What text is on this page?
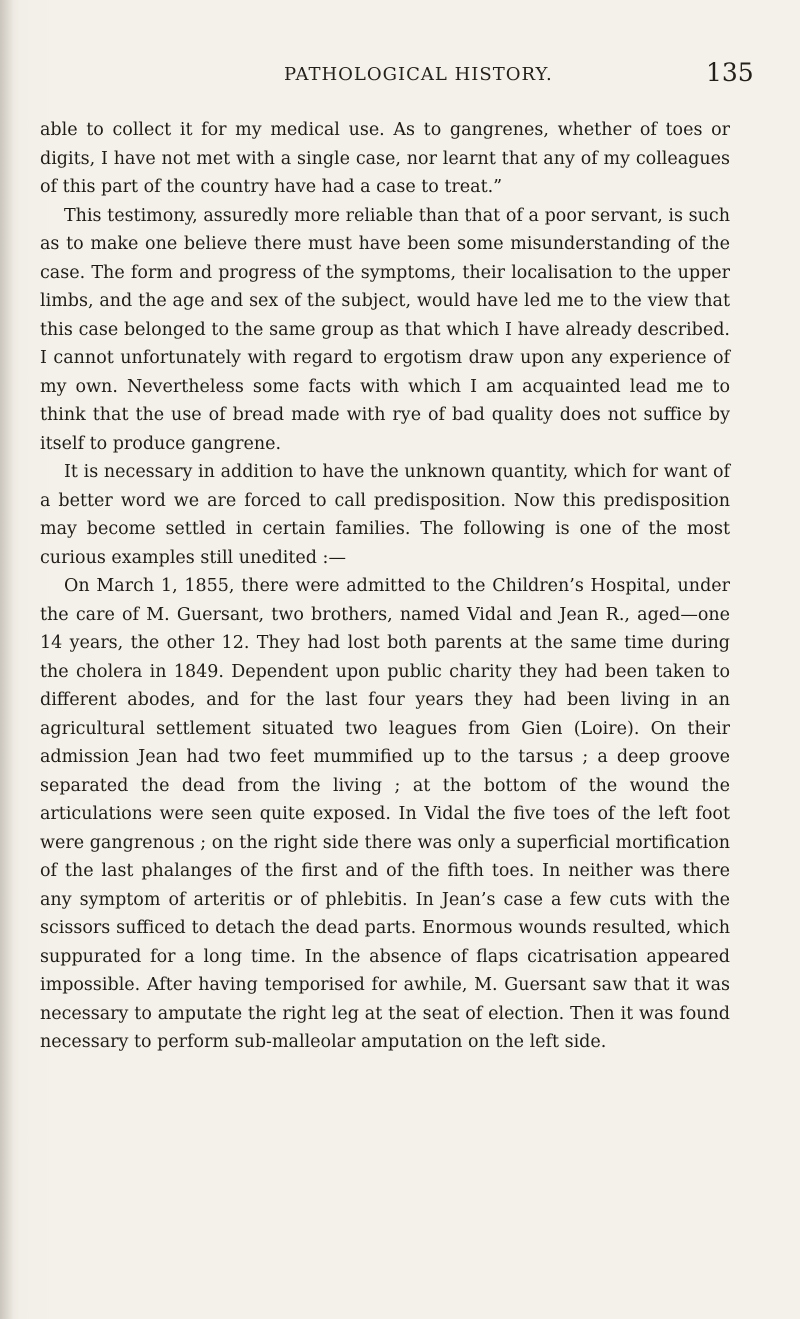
PATHOLOGICAL HISTORY.	135

able to collect it for my medical use. As to gangrenes, whether of toes or digits, I have not met with a single case, nor learnt that any of my colleagues of this part of the country have had a case to treat.”

This testimony, assuredly more reliable than that of a poor servant, is such as to make one believe there must have been some misunderstanding of the case. The form and progress of the symptoms, their localisation to the upper limbs, and the age and sex of the subject, would have led me to the view that this case belonged to the same group as that which I have already described. I cannot unfortunately with regard to ergotism draw upon any experience of my own. Nevertheless some facts with which I am acquainted lead me to think that the use of bread made with rye of bad quality does not suffice by itself to produce gangrene.

It is necessary in addition to have the unknown quantity, which for want of a better word we are forced to call predisposition. Now this predisposition may become settled in certain families. The following is one of the most curious examples still unedited :—

On March 1, 1855, there were admitted to the Children’s Hospital, under the care of M. Guersant, two brothers, named Vidal and Jean R., aged—one 14 years, the other 12. They had lost both parents at the same time during the cholera in 1849. Dependent upon public charity they had been taken to different abodes, and for the last four years they had been living in an agricultural settlement situated two leagues from Gien (Loire). On their admission Jean had two feet mummified up to the tarsus ; a deep groove separated the dead from the living ; at the bottom of the wound the articulations were seen quite exposed. In Vidal the five toes of the left foot were gangrenous ; on the right side there was only a superficial mortification of the last phalanges of the first and of the fifth toes. In neither was there any symptom of arteritis or of phlebitis. In Jean’s case a few cuts with the scissors sufficed to detach the dead parts. Enormous wounds resulted, which suppurated for a long time. In the absence of flaps cicatrisation appeared impossible. After having temporised for awhile, M. Guersant saw that it was necessary to amputate the right leg at the seat of election. Then it was found necessary to perform sub-malleolar amputation on the left side.
